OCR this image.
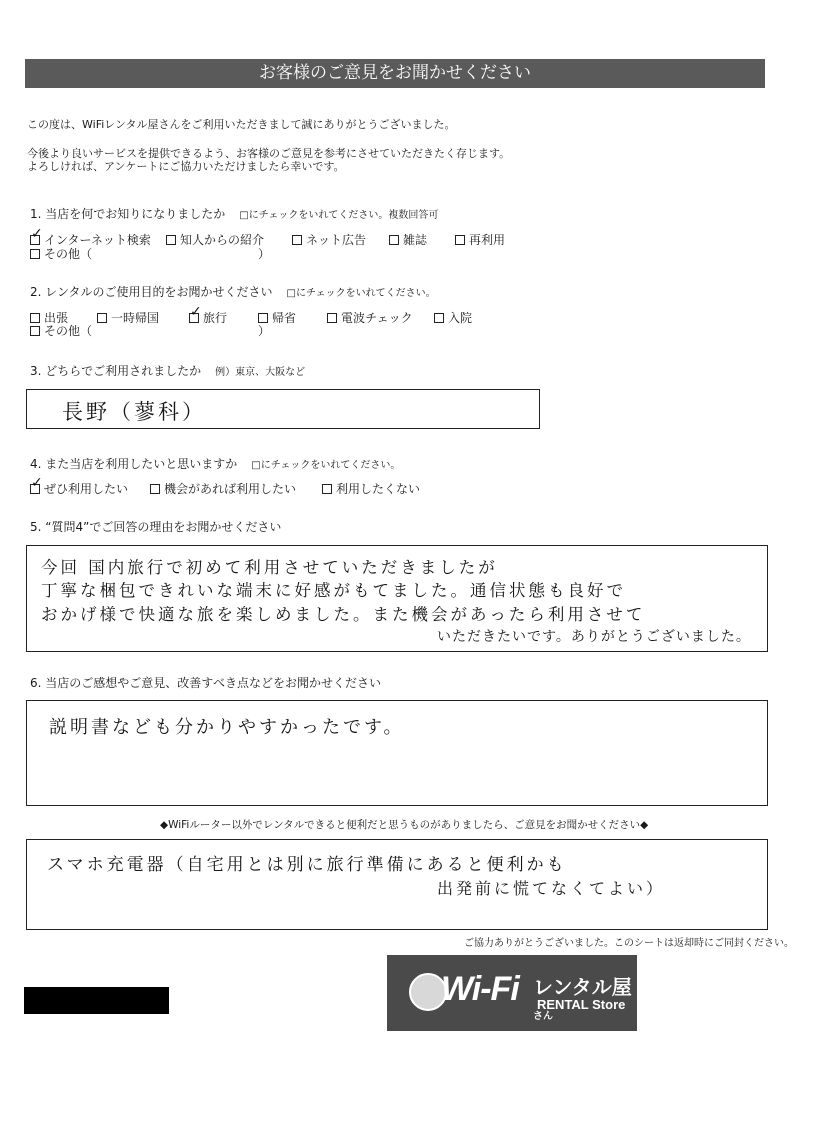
お客様のご意見をお聞かせください
この度は、WiFiレンタル屋さんをご利用いただきまして誠にありがとうございました。
今後より良いサービスを提供できるよう、お客様のご意見を参考にさせていただきたく存じます。
よろしければ、アンケートにご協力いただけましたら幸いです。
1. 当店を何でお知りになりましたか □にチェックをいれてください。複数回答可
✓インターネット検索	知人からの紹介	ネット広告	雑誌	再利用
その他（	）
2. レンタルのご使用目的をお聞かせください □にチェックをいれてください。
出張	一時帰国
✓	旅行	帰省	電波チェック	入院
その他（	）
3. どちらでご利用されましたか 例）東京、大阪など
長野（蓼科）
4. また当店を利用したいと思いますか □にチェックをいれてください。
✓ぜひ利用したい	機会があれば利用したい	利用したくない
5. “質問4”でご回答の理由をお聞かせください
今回 国内旅行で初めて利用させていただきましたが
丁寧な梱包できれいな端末に好感がもてました。通信状態も良好で
おかげ様で快適な旅を楽しめました。また機会があったら利用させて
いただきたいです。ありがとうございました。
6. 当店のご感想やご意見、改善すべき点などをお聞かせください
説明書なども分かりやすかったです。
◆WiFiルーター以外でレンタルできると便利だと思うものがありましたら、ご意見をお聞かせください◆
スマホ充電器（自宅用とは別に旅行準備にあると便利かも
出発前に慌てなくてよい）
ご協力ありがとうございました。このシートは返却時にご同封ください。
Wi-Fi レンタル屋さん
RENTAL Store
